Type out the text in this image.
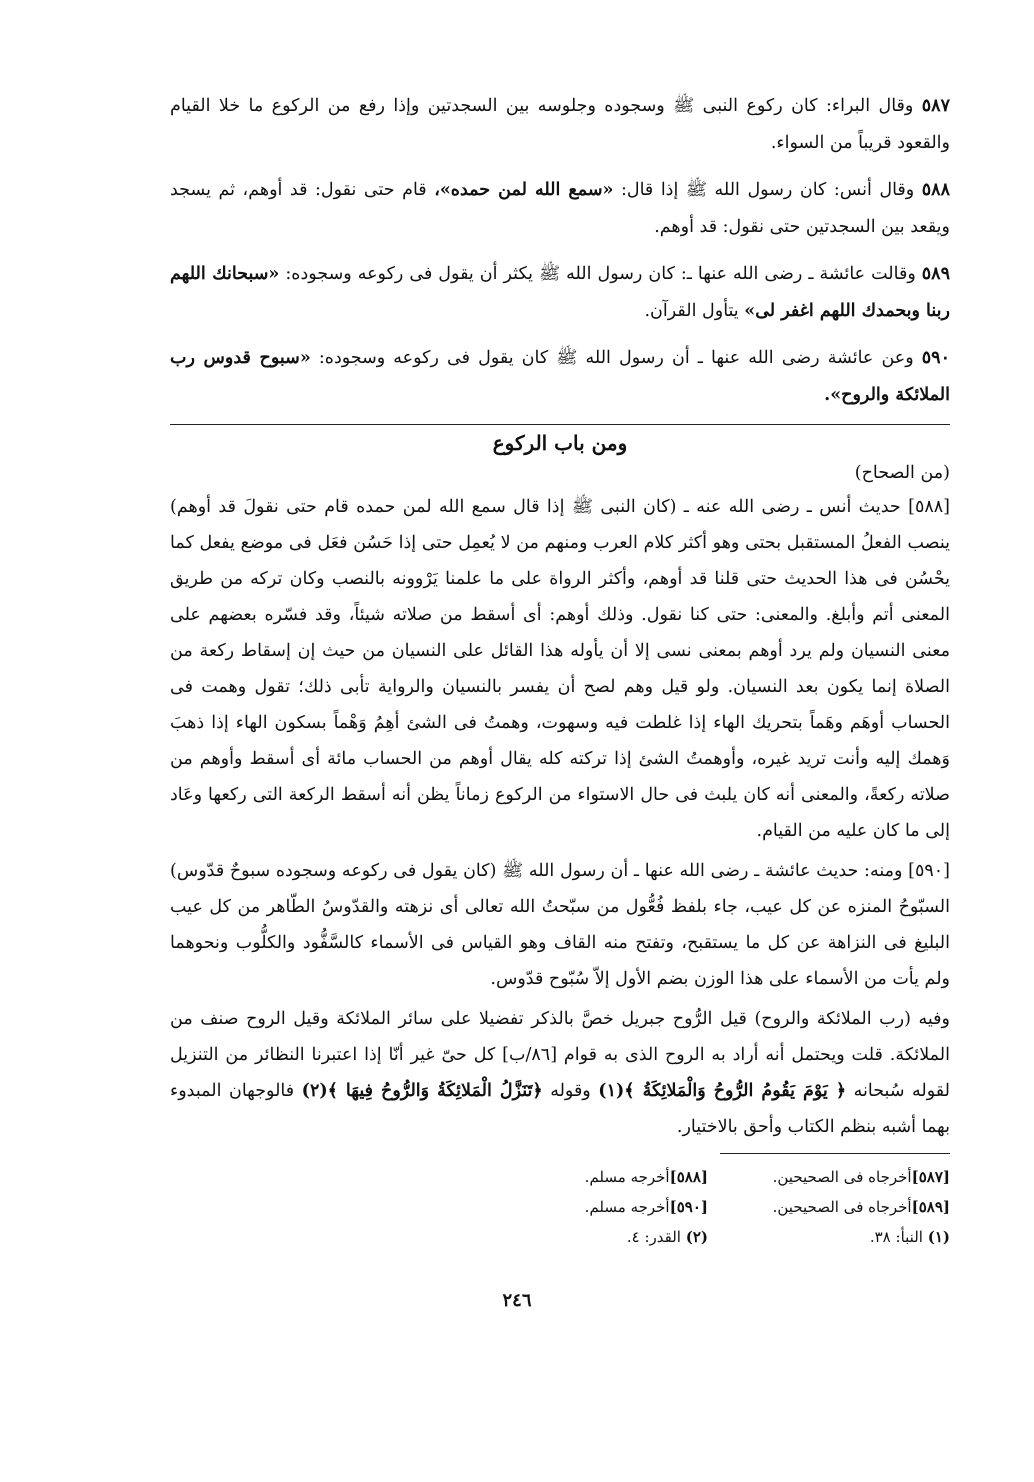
٥٨٧ وقال البراء: كان ركوع النبى ﷺ وسجوده وجلوسه بين السجدتين وإذا رفع من الركوع ما خلا القيام والقعود قريباً من السواء.

٥٨٨ وقال أنس: كان رسول الله ﷺ إذا قال: «سمع الله لمن حمده»، قام حتى نقول: قد أوهم، ثم يسجد ويقعد بين السجدتين حتى نقول: قد أوهم.

٥٨٩ وقالت عائشة ـ رضى الله عنها ـ: كان رسول الله ﷺ يكثر أن يقول فى ركوعه وسجوده: «سبحانك اللهم ربنا وبحمدك اللهم اغفر لى» يتأول القرآن.

٥٩٠ وعن عائشة رضى الله عنها ـ أن رسول الله ﷺ كان يقول فى ركوعه وسجوده: «سبوح قدوس رب الملائكة والروح».

ومن باب الركوع
(من الصحاح)

[٥٨٨] حديث أنس ـ رضى الله عنه ـ (كان النبى ﷺ إذا قال سمع الله لمن حمده قام حتى نقولَ قد أوهم) ينصب الفعلُ المستقبل بحتى وهو أكثر كلام العرب ومنهم من لا يُعمِل حتى إذا حَسُن فعَل فى موضع يفعل كما يحْسُن فى هذا الحديث حتى قلنا قد أوهم، وأكثر الرواة على ما علمنا يَرْوونه بالنصب وكان تركه من طريق المعنى أتم وأبلغ. والمعنى: حتى كنا نقول. وذلك أوهم: أى أسقط من صلاته شيئاً، وقد فسّره بعضهم على معنى النسيان ولم يرد أوهم بمعنى نسى إلا أن يأوله هذا القائل على النسيان من حيث إن إسقاط ركعة من الصلاة إنما يكون بعد النسيان. ولو قيل وهم لصح أن يفسر بالنسيان والرواية تأبى ذلك؛ تقول وهمت فى الحساب أوهَم وهَماً بتحريك الهاء إذا غلطت فيه وسهوت، وهمتُ فى الشئ أهِمُ وَهْماً بسكون الهاء إذا ذهبَ وَهمك إليه وأنت تريد غيره، وأوهمتُ الشئ إذا تركته كله يقال أوهم من الحساب مائة أى أسقط وأوهم من صلاته ركعةً، والمعنى أنه كان يلبث فى حال الاستواء من الركوع زماناً يظن أنه أسقط الركعة التى ركعها وعَاد إلى ما كان عليه من القيام.

[٥٩٠] ومنه: حديث عائشة ـ رضى الله عنها ـ أن رسول الله ﷺ (كان يقول فى ركوعه وسجوده سبوحٌ قدّوس) السبّوحُ المنزه عن كل عيب، جاء بلفظ فُعُّول من سبّحتُ الله تعالى أى نزهته والقدّوسُ الطّاهر من كل عيب البليغ فى النزاهة عن كل ما يستقبح، وتفتح منه القاف وهو القياس فى الأسماء كالسَّفُّود والكلُّوب ونحوهما ولم يأت من الأسماء على هذا الوزن بضم الأول إلاّ سُبّوح قدّوس.

وفيه (رب الملائكة والروح) قيل الرُّوح جبريل خصَّ بالذكر تفضيلا على سائر الملائكة وقيل الروح صنف من الملائكة. قلت ويحتمل أنه أراد به الروح الذى به قوام [٨٦/ب] كل حىّ غير أنّا إذا اعتبرنا النظائر من التنزيل لقوله سُبحانه ﴿ يَوْمَ يَقُومُ الرُّوحُ وَالْمَلائِكَةُ ﴾(١) وقوله ﴿تَنَزَّلُ الْمَلائِكَةُ وَالرُّوحُ فِيهَا ﴾(٢) فالوجهان المبدوء بهما أشبه بنظم الكتاب وأحق بالاختيار.

[٥٨٧]أخرجاه فى الصحيحين.
[٥٨٨]أخرجه مسلم.
[٥٨٩]أخرجاه فى الصحيحين.
[٥٩٠]أخرجه مسلم.
(١) النبأ: ٣٨.
(٢) القدر: ٤.
٢٤٦
